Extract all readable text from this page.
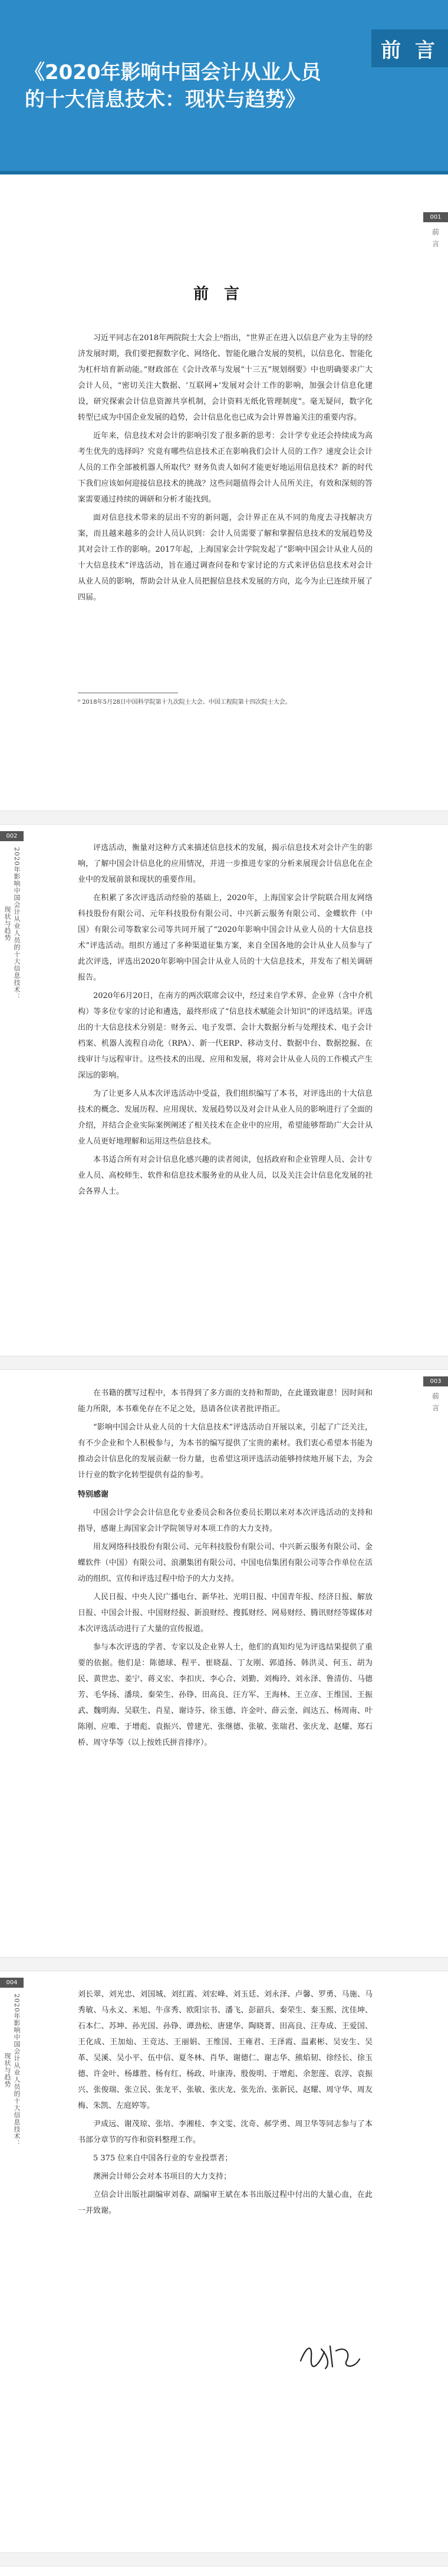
《2020年影响中国会计从业人员的十大信息技术：现状与趋势》
前 言
001
前言
前言

习近平同志在2018年两院院士大会上⁰指出，“世界正在进入以信息产业为主导的经济发展时期，我们要把握数字化、网络化、智能化融合发展的契机，以信息化、智能化为杠杆培育新动能。”财政部在《会计改革与发展“十三五”规划纲要》中也明确要求广大会计人员，“密切关注大数据、‘互联网+’发展对会计工作的影响，加强会计信息化建设，研究探索会计信息资源共享机制，会计资料无纸化管理制度”。毫无疑问，数字化转型已成为中国企业发展的趋势，会计信息化也已成为会计界普遍关注的重要内容。

近年来，信息技术对会计的影响引发了很多新的思考：会计学专业还会持续成为高考生优先的选择吗？究竟有哪些信息技术正在影响我们会计人员的工作？速度会让会计人员的工作全部被机器人所取代？财务负责人如何才能更好地运用信息技术？新的时代下我们应该如何迎接信息技术的挑战？这些问题值得会计人员所关注，有效和深刻的答案需要通过持续的调研和分析才能找到。

面对信息技术带来的层出不穷的新问题，会计界正在从不同的角度去寻找解决方案，而且越来越多的会计人员认识到：会计人员需要了解和掌握信息技术的发展趋势及其对会计工作的影响。2017年起，上海国家会计学院发起了“影响中国会计从业人员的十大信息技术”评选活动，旨在通过调查问卷和专家讨论的方式来评估信息技术对会计从业人员的影响，帮助会计从业人员把握信息技术发展的方向，迄今为止已连续开展了四届。

⁰ 2018年5月28日中国科学院第十九次院士大会、中国工程院第十四次院士大会。

002
2020年影响中国会计从业人员的十大信息技术：现状与趋势

评选活动，衡量对这种方式来描述信息技术的发展，揭示信息技术对会计产生的影响，了解中国会计信息化的应用情况，并进一步推进专家的分析来展现会计信息化在企业中的发展前景和现状的重要作用。

在积累了多次评选活动经验的基础上，2020年，上海国家会计学院联合用友网络科技股份有限公司、元年科技股份有限公司、中兴新云服务有限公司、金蝶软件（中国）有限公司等数家公司等共同开展了“2020年影响中国会计从业人员的十大信息技术”评选活动。组织方通过了多种渠道征集方案，来自全国各地的会计从业人员参与了此次评选，评选出2020年影响中国会计从业人员的十大信息技术，并发布了相关调研报告。

2020年6月20日，在南方的两次联席会议中，经过来自学术界、企业界（含中介机构）等多位专家的讨论和遴选，最终形成了“信息技术赋能会计知识”的评选结果。评选出的十大信息技术分别是：财务云、电子发票、会计大数据分析与处理技术、电子会计档案、机器人流程自动化（RPA）、新一代ERP、移动支付、数据中台、数据挖掘、在线审计与远程审计。这些技术的出现、应用和发展，将对会计从业人员的工作模式产生深远的影响。

为了让更多人从本次评选活动中受益，我们组织编写了本书，对评选出的十大信息技术的概念、发展历程、应用现状、发展趋势以及对会计从业人员的影响进行了全面的介绍，并结合企业实际案例阐述了相关技术在企业中的应用，希望能够帮助广大会计从业人员更好地理解和运用这些信息技术。

本书适合所有对会计信息化感兴趣的读者阅读，包括政府和企业管理人员、会计专业人员、高校师生、软件和信息技术服务业的从业人员，以及关注会计信息化发展的社会各界人士。

003
前言

在书籍的撰写过程中，本书得到了多方面的支持和帮助，在此谨致谢意！因时间和能力所限，本书难免存在不足之处，恳请各位读者批评指正。

“影响中国会计从业人员的十大信息技术”评选活动自开展以来，引起了广泛关注，有不少企业和个人积极参与，为本书的编写提供了宝贵的素材。我们衷心希望本书能为推动会计信息化的发展贡献一份力量，也希望这项评选活动能够持续地开展下去，为会计行业的数字化转型提供有益的参考。

特别感谢

中国会计学会会计信息化专业委员会和各位委员长期以来对本次评选活动的支持和指导，感谢上海国家会计学院领导对本项工作的大力支持。

用友网络科技股份有限公司、元年科技股份有限公司、中兴新云服务有限公司、金蝶软件（中国）有限公司、浪潮集团有限公司、中国电信集团有限公司等合作单位在活动的组织、宣传和评选过程中给予的大力支持。

人民日报、中央人民广播电台、新华社、光明日报、中国青年报、经济日报、解放日报、中国会计报、中国财经报、新浪财经、搜狐财经、网易财经、腾讯财经等媒体对本次评选活动进行了大量的宣传报道。

参与本次评选的学者、专家以及企业界人士，他们的真知灼见为评选结果提供了重要的依据。他们是：陈德球、程平、崔晓磊、丁友刚、郭道扬、韩洪灵、何玉、胡为民、黄世忠、姜宁、蒋义宏、李扣庆、李心合、刘勤、刘梅玲、刘永泽、鲁清仿、马德芳、毛华扬、潘琰、秦荣生、孙铮、田高良、汪方军、王海林、王立彦、王维国、王振武、魏明海、吴联生、肖星、谢诗芬、徐玉德、许金叶、薛云奎、阎达五、杨周南、叶陈刚、应唯、于增彪、袁振兴、曾建光、张继德、张敏、张瑞君、张庆龙、赵耀、郑石桥、周守华等（以上按姓氏拼音排序）。

004
2020年影响中国会计从业人员的十大信息技术：现状与趋势

刘长翠、刘光忠、刘国城、刘红霞、刘宏峰、刘玉廷、刘永泽、卢馨、罗勇、马施、马秀敏、马永义、米旭、牛彦秀、欧阳宗书、潘飞、彭韶兵、秦荣生、秦玉熙、沈佳坤、石本仁、苏坤、孙光国、孙铮、谭劲松、唐建华、陶晓菁、田高良、汪寿成、王爱国、王化成、王加灿、王竞达、王丽娟、王维国、王雍君、王泽霞、温素彬、吴安生、吴革、吴溪、吴小平、伍中信、夏冬林、肖华、谢德仁、谢志华、熊焰韧、徐经长、徐玉德、许金叶、杨雄胜、杨有红、杨政、叶康涛、殷俊明、于增彪、余恕莲、袁淳、袁振兴、张俊瑞、张立民、张龙平、张敏、张庆龙、张先治、张新民、赵耀、周守华、周友梅、朱凯、左庭婷等。

尹成远、谢茂琼、张培、李湘桂、李文雯、沈奇、郝学勇、周卫华等同志参与了本书部分章节的写作和资料整理工作。

5 375 位来自中国各行业的专业投票者；

澳洲会计师公会对本书项目的大力支持；

立信会计出版社副编审刘春、副编审王斌在本书出版过程中付出的大量心血，在此一并致谢。
